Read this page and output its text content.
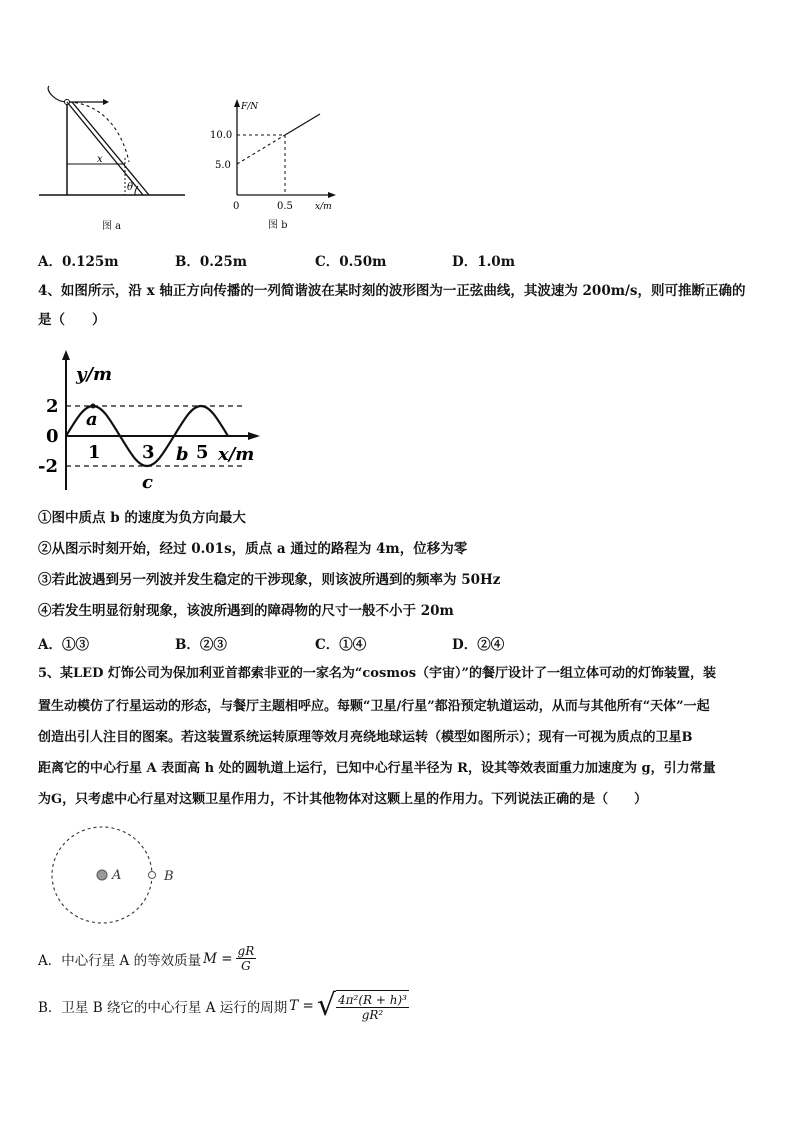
x
θ
图 a
F/N
10.0
5.0
0	0.5 x/m
图 b
A．0.125m	B．0.25m	C．0.50m	D．1.0m
4、如图所示，沿 x 轴正方向传播的一列简谐波在某时刻的波形图为一正弦曲线，其波速为 200m/s，则可推断正确的
是（　　）
y/m
x/m
2
0
-2
1 3 5
a
b
c
①图中质点 b 的速度为负方向最大
②从图示时刻开始，经过 0.01s，质点 a 通过的路程为 4m，位移为零
③若此波遇到另一列波并发生稳定的干涉现象，则该波所遇到的频率为 50Hz
④若发生明显衍射现象，该波所遇到的障碍物的尺寸一般不小于 20m
A．①③	B．②③	C．①④	D．②④
5、某LED 灯饰公司为保加利亚首都索非亚的一家名为“cosmos（宇宙）”的餐厅设计了一组立体可动的灯饰装置，装
置生动模仿了行星运动的形态，与餐厅主题相呼应。每颗“卫星/行星”都沿预定轨道运动，从而与其他所有“天体”一起
创造出引人注目的图案。若这装置系统运转原理等效月亮绕地球运转（模型如图所示）；现有一可视为质点的卫星B
距离它的中心行星 A 表面高 h 处的圆轨道上运行，已知中心行星半径为 R，设其等效表面重力加速度为 g，引力常量
为G，只考虑中心行星对这颗卫星作用力，不计其他物体对这颗上星的作用力。下列说法正确的是（　　）
A	B
A．中心行星 A 的等效质量 $M = \frac{gR}{G}$
B．卫星 B 绕它的中心行星 A 运行的周期 T = √ $\frac{\text{4π²(R + h)³}}{\text{gR²}}$
